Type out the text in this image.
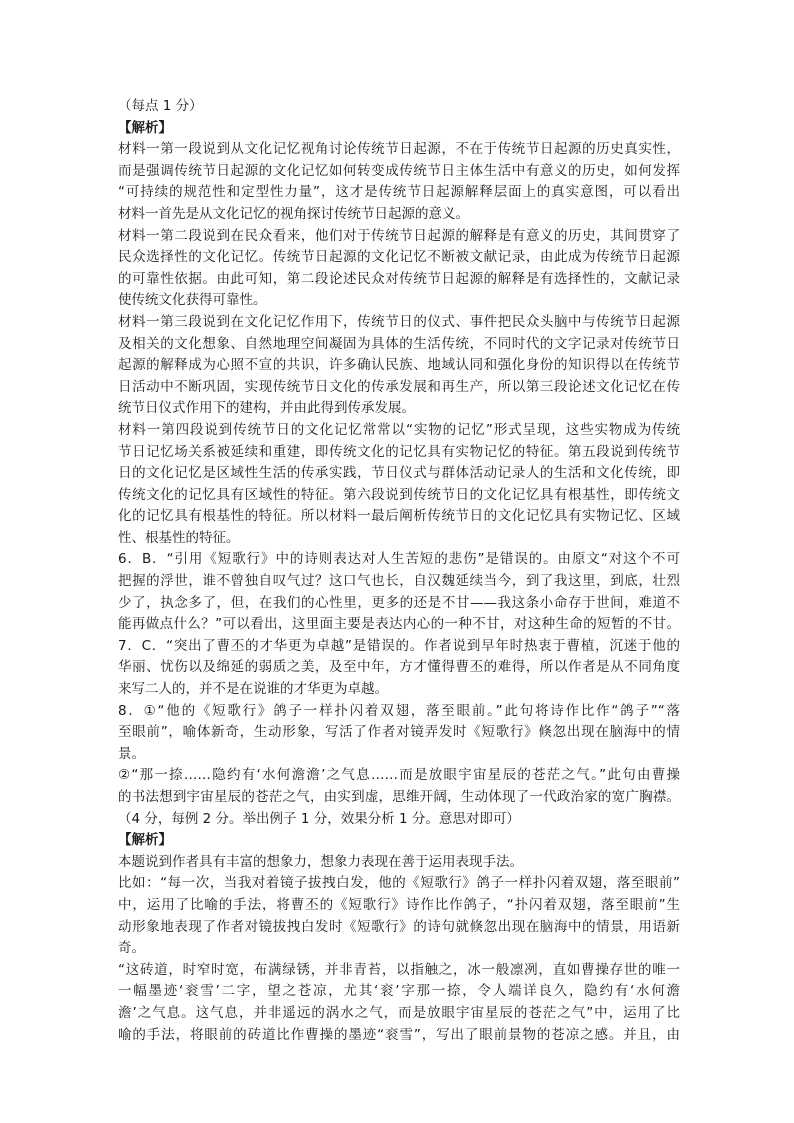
（每点 1 分）
【解析】
材料一第一段说到从文化记忆视角讨论传统节日起源，不在于传统节日起源的历史真实性，
而是强调传统节日起源的文化记忆如何转变成传统节日主体生活中有意义的历史，如何发挥
“可持续的规范性和定型性力量”，这才是传统节日起源解释层面上的真实意图，可以看出
材料一首先是从文化记忆的视角探讨传统节日起源的意义。
材料一第二段说到在民众看来，他们对于传统节日起源的解释是有意义的历史，其间贯穿了
民众选择性的文化记忆。传统节日起源的文化记忆不断被文献记录，由此成为传统节日起源
的可靠性依据。由此可知，第二段论述民众对传统节日起源的解释是有选择性的，文献记录
使传统文化获得可靠性。
材料一第三段说到在文化记忆作用下，传统节日的仪式、事件把民众头脑中与传统节日起源
及相关的文化想象、自然地理空间凝固为具体的生活传统，不同时代的文字记录对传统节日
起源的解释成为心照不宣的共识，许多确认民族、地域认同和强化身份的知识得以在传统节
日活动中不断巩固，实现传统节日文化的传承发展和再生产，所以第三段论述文化记忆在传
统节日仪式作用下的建构，并由此得到传承发展。
材料一第四段说到传统节日的文化记忆常常以“实物的记忆”形式呈现，这些实物成为传统
节日记忆场关系被延续和重建，即传统文化的记忆具有实物记忆的特征。第五段说到传统节
日的文化记忆是区域性生活的传承实践，节日仪式与群体活动记录人的生活和文化传统，即
传统文化的记忆具有区域性的特征。第六段说到传统节日的文化记忆具有根基性，即传统文
化的记忆具有根基性的特征。所以材料一最后阐析传统节日的文化记忆具有实物记忆、区域
性、根基性的特征。
6．B．“引用《短歌行》中的诗则表达对人生苦短的悲伤”是错误的。由原文“对这个不可
把握的浮世，谁不曾独自叹气过？这口气也长，自汉魏延续当今，到了我这里，到底，壮烈
少了，执念多了，但，在我们的心性里，更多的还是不甘——我这条小命存于世间，难道不
能再做点什么？”可以看出，这里面主要是表达内心的一种不甘，对这种生命的短暂的不甘。
7．C．“突出了曹丕的才华更为卓越”是错误的。作者说到早年时热衷于曹植，沉迷于他的
华丽、忧伤以及绵延的弱质之美，及至中年，方才懂得曹丕的难得，所以作者是从不同角度
来写二人的，并不是在说谁的才华更为卓越。
8．①“他的《短歌行》鸽子一样扑闪着双翅，落至眼前。”此句将诗作比作“鸽子”“落
至眼前”，喻体新奇，生动形象，写活了作者对镜弄发时《短歌行》倏忽出现在脑海中的情
景。
②“那一捺……隐约有‘水何澹澹’之气息……而是放眼宇宙星辰的苍茫之气。”此句由曹操
的书法想到宇宙星辰的苍茫之气，由实到虚，思维开阔，生动体现了一代政治家的宽广胸襟。
（4 分，每例 2 分。举出例子 1 分，效果分析 1 分。意思对即可）
【解析】
本题说到作者具有丰富的想象力，想象力表现在善于运用表现手法。
比如：“每一次，当我对着镜子拔拽白发，他的《短歌行》鸽子一样扑闪着双翅，落至眼前”
中，运用了比喻的手法，将曹丕的《短歌行》诗作比作鸽子，“扑闪着双翅，落至眼前”生
动形象地表现了作者对镜拔拽白发时《短歌行》的诗句就倏忽出现在脑海中的情景，用语新
奇。
“这砖道，时窄时宽，布满绿锈，并非青苔，以指触之，冰一般凛冽，直如曹操存世的唯一
一幅墨迹‘衮雪’二字，望之苍凉，尤其‘衮’字那一捺，令人端详良久，隐约有‘水何澹
澹’之气息。这气息，并非遥远的涡水之气，而是放眼宇宙星辰的苍茫之气”中，运用了比
喻的手法，将眼前的砖道比作曹操的墨迹“衮雪”，写出了眼前景物的苍凉之感。并且，由
